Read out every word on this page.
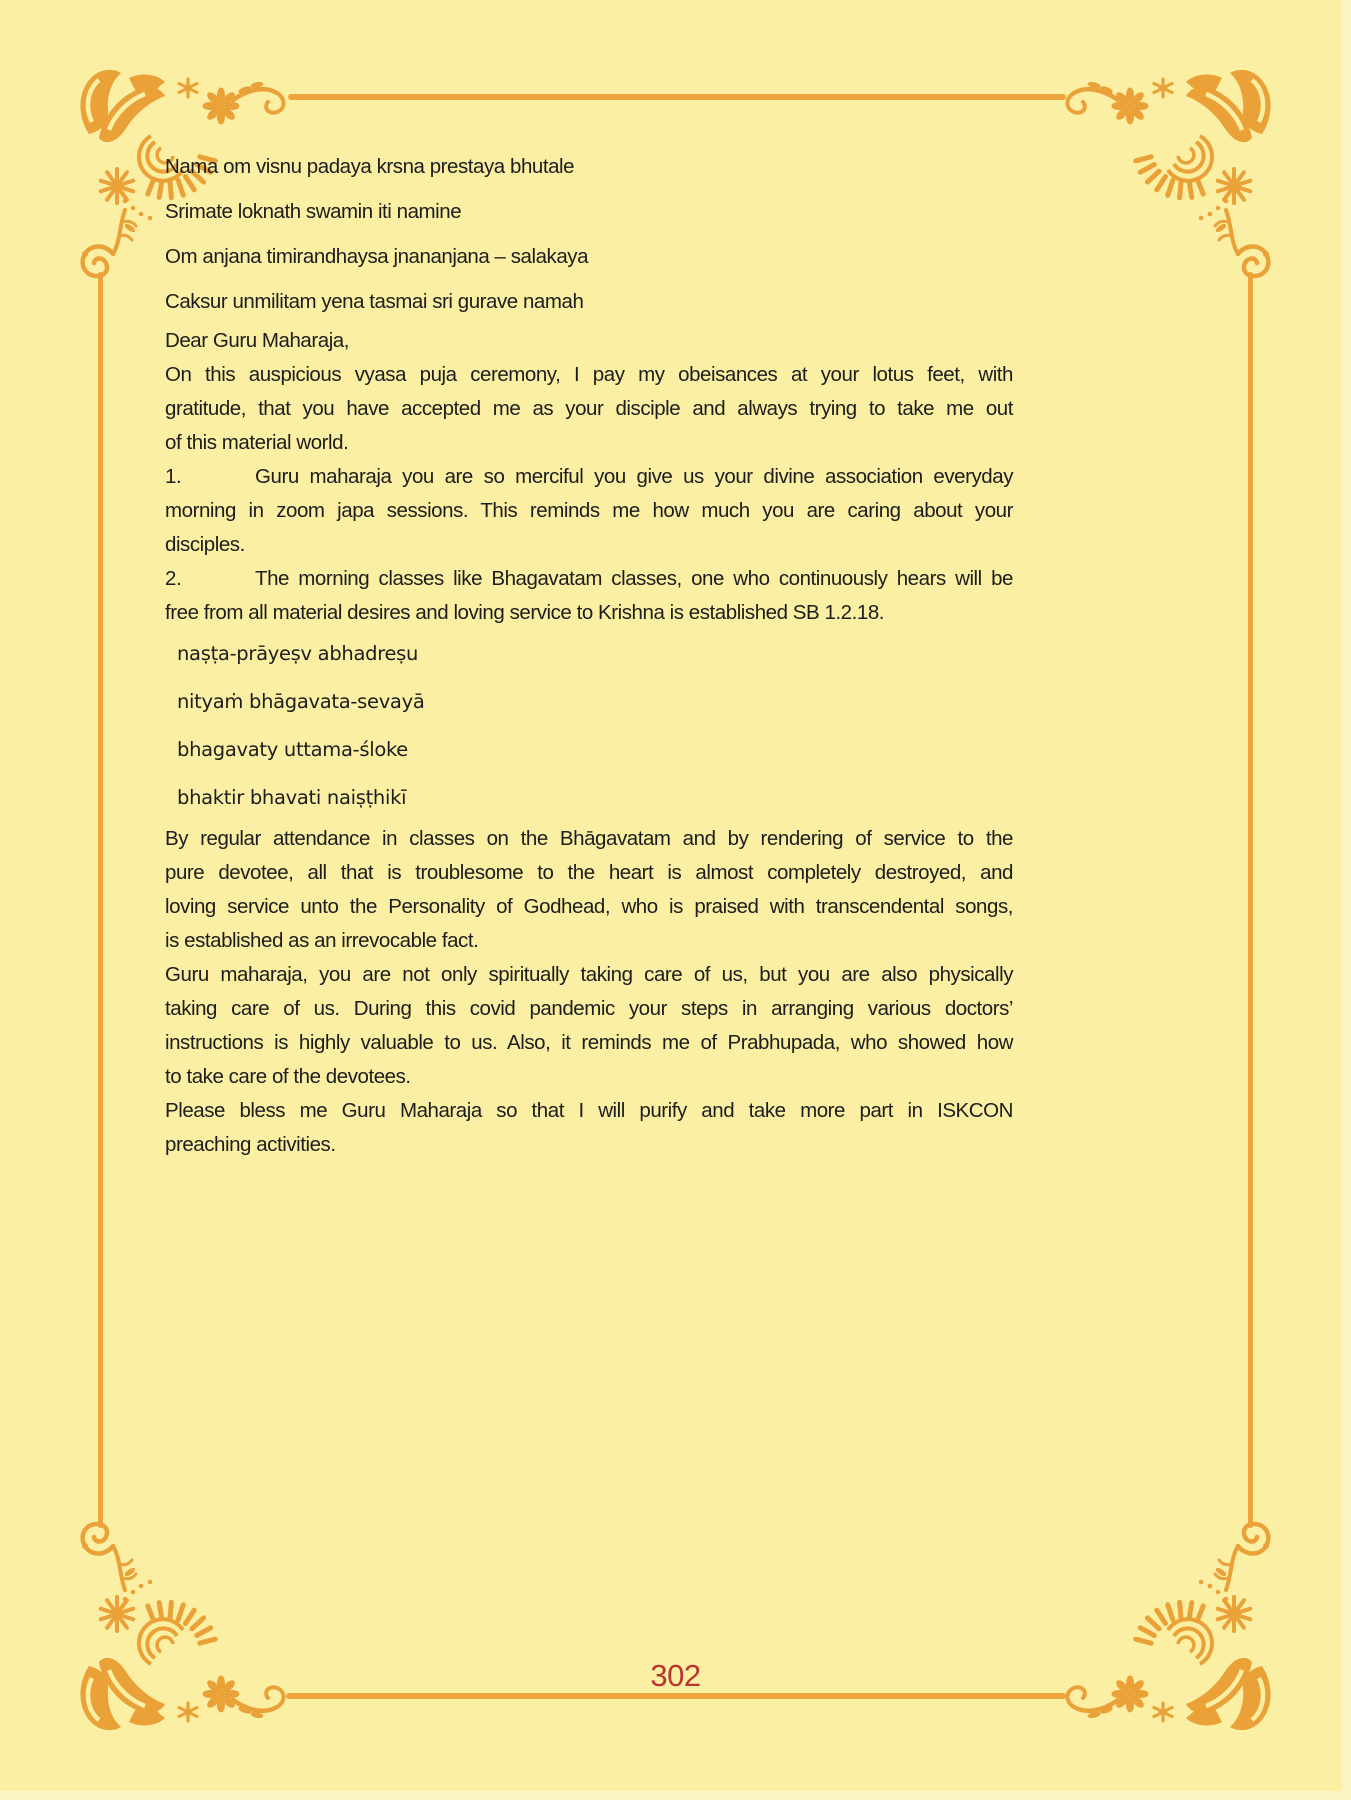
Nama om visnu padaya krsna prestaya bhutale
Srimate loknath swamin iti namine

Om anjana timirandhaysa jnananjana – salakaya
Caksur unmilitam yena tasmai sri gurave namah

Dear Guru Maharaja,

On this auspicious vyasa puja ceremony, I pay my obeisances at your lotus feet, with
gratitude, that you have accepted me as your disciple and always trying to take me out
of this material world.

1.	Guru maharaja you are so merciful you give us your divine association everyday
morning in zoom japa sessions. This reminds me how much you are caring about your
disciples.

2.	The morning classes like Bhagavatam classes, one who continuously hears will be
free from all material desires and loving service to Krishna is established SB 1.2.18.

naṣṭa-prāyeṣv abhadreṣu
nityaṁ bhāgavata-sevayā
bhagavaty uttama-śloke
bhaktir bhavati naiṣṭhikī

By regular attendance in classes on the Bhāgavatam and by rendering of service to the
pure devotee, all that is troublesome to the heart is almost completely destroyed, and
loving service unto the Personality of Godhead, who is praised with transcendental songs,
is established as an irrevocable fact.

Guru maharaja, you are not only spiritually taking care of us, but you are also physically
taking care of us. During this covid pandemic your steps in arranging various doctors’
instructions is highly valuable to us. Also, it reminds me of Prabhupada, who showed how
to take care of the devotees.

Please bless me Guru Maharaja so that I will purify and take more part in ISKCON
preaching activities.

302
